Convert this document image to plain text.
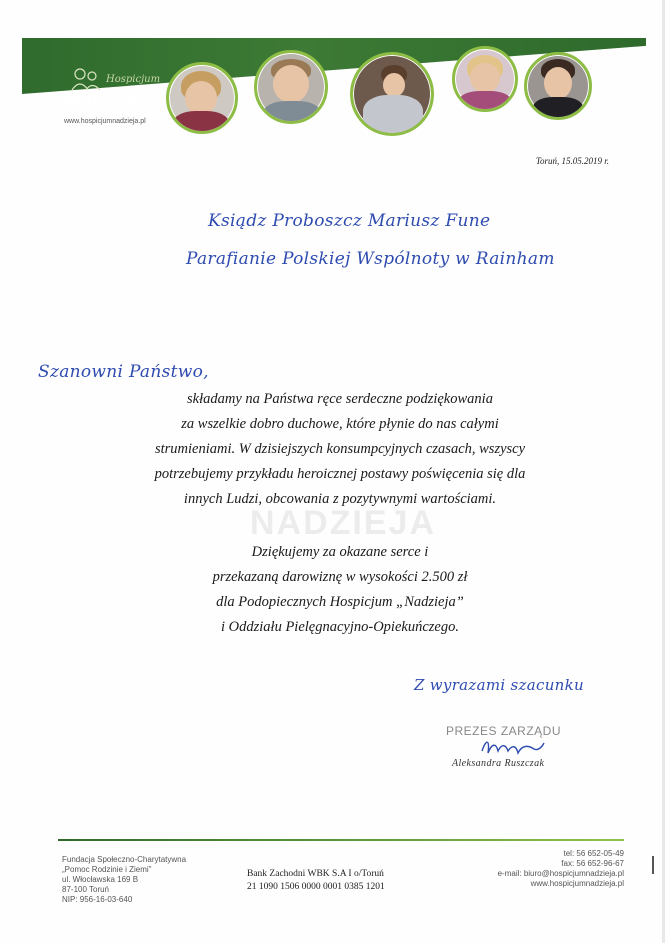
Hospicjum
NADZIEJA
www.hospicjumnadzieja.pl
Toruń, 15.05.2019 r.
Ksiądz Proboszcz Mariusz Fune
Parafianie Polskiej Wspólnoty w Rainham
Szanowni Państwo,
NADZIEJA
składamy na Państwa ręce serdeczne podziękowania
za wszelkie dobro duchowe, które płynie do nas całymi
strumieniami. W dzisiejszych konsumpcyjnych czasach, wszyscy
potrzebujemy przykładu heroicznej postawy poświęcenia się dla
innych Ludzi, obcowania z pozytywnymi wartościami.
Dziękujemy za okazane serce i
przekazaną darowiznę w wysokości 2.500 zł
dla Podopiecznych Hospicjum „Nadzieja”
i Oddziału Pielęgnacyjno-Opiekuńczego.
Z wyrazami szacunku
PREZES ZARZĄDU
Aleksandra Ruszczak
Fundacja Społeczno-Charytatywna
„Pomoc Rodzinie i Ziemi”
ul. Włocławska 169 B
87-100 Toruń
NIP: 956-16-03-640
Bank Zachodni WBK S.A I o/Toruń
21 1090 1506 0000 0001 0385 1201
tel: 56 652-05-49
fax: 56 652-96-67
e-mail: biuro@hospicjumnadzieja.pl
www.hospicjumnadzieja.pl
